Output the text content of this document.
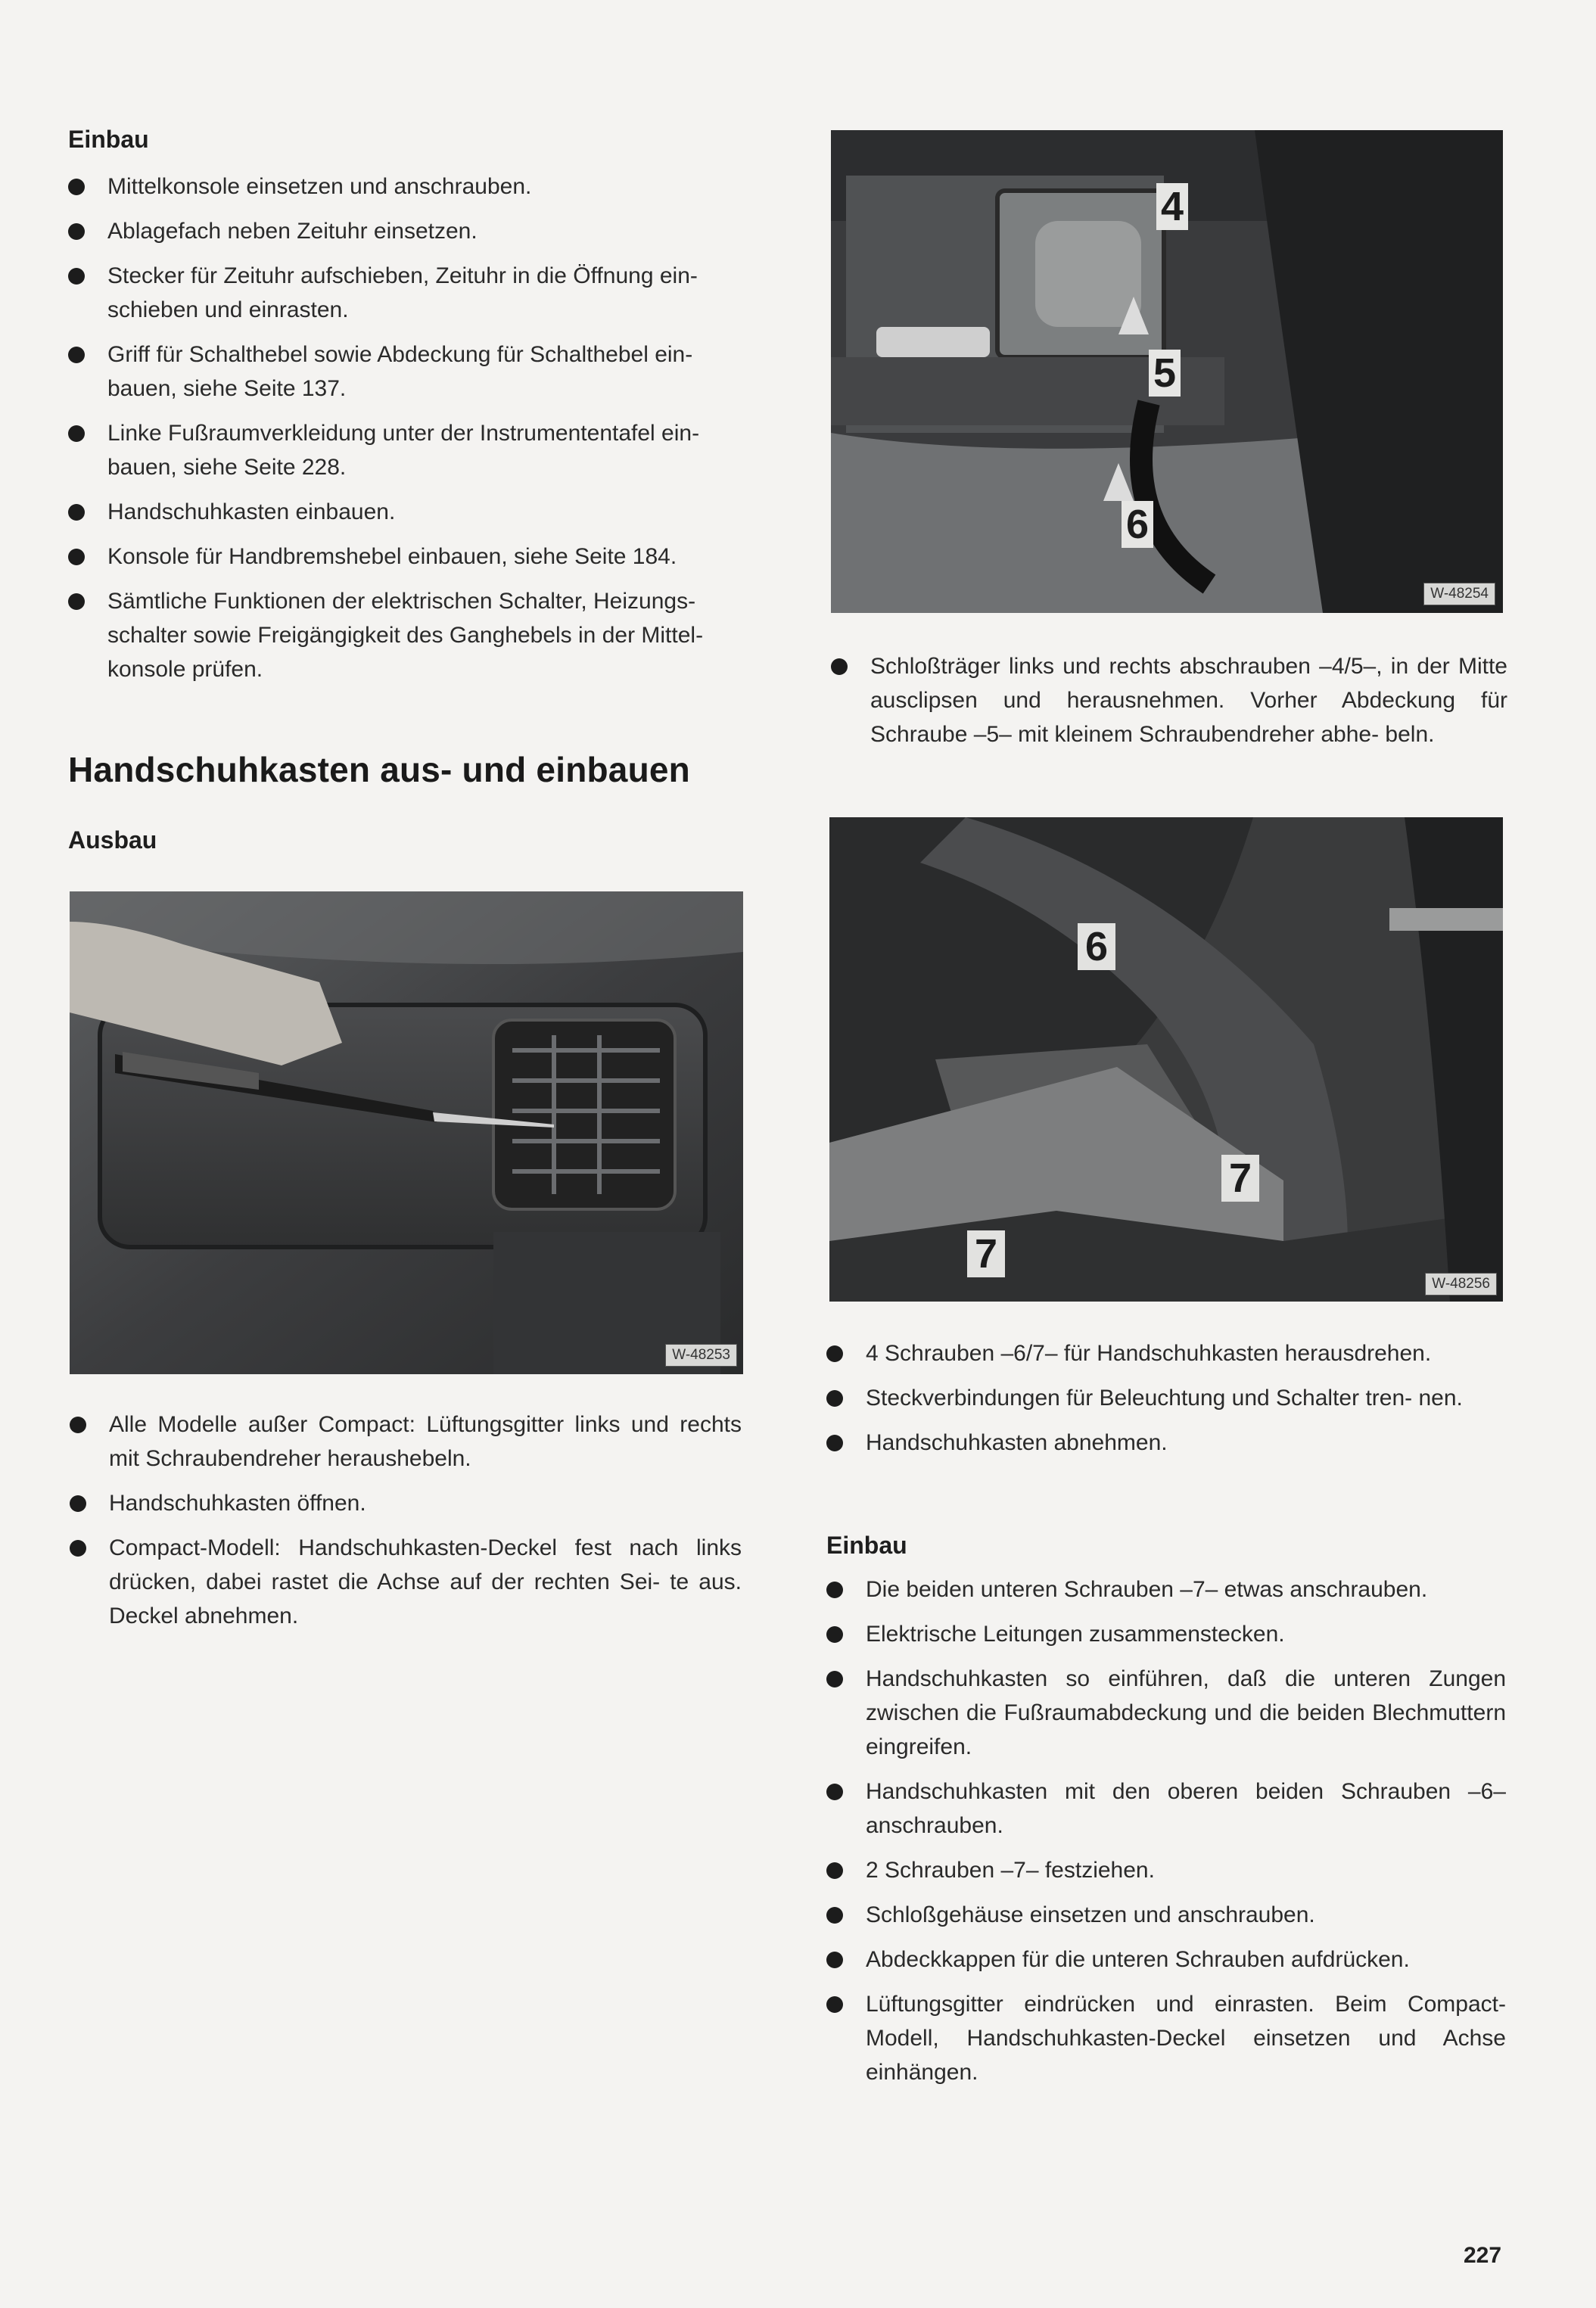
Einbau
Mittelkonsole einsetzen und anschrauben.
Ablagefach neben Zeituhr einsetzen.
Stecker für Zeituhr aufschieben, Zeituhr in die Öffnung ein- schieben und einrasten.
Griff für Schalthebel sowie Abdeckung für Schalthebel ein- bauen, siehe Seite 137.
Linke Fußraumverkleidung unter der Instrumententafel ein- bauen, siehe Seite 228.
Handschuhkasten einbauen.
Konsole für Handbremshebel einbauen, siehe Seite 184.
Sämtliche Funktionen der elektrischen Schalter, Heizungs- schalter sowie Freigängigkeit des Ganghebels in der Mittel- konsole prüfen.
Handschuhkasten aus- und einbauen
Ausbau
W-48253
Alle Modelle außer Compact: Lüftungsgitter links und rechts mit Schraubendreher heraushebeln.
Handschuhkasten öffnen.
Compact-Modell: Handschuhkasten-Deckel fest nach links drücken, dabei rastet die Achse auf der rechten Sei- te aus. Deckel abnehmen.
4
5
6
W-48254
Schloßträger links und rechts abschrauben –4/5–, in der Mitte ausclipsen und herausnehmen. Vorher Abdeckung für Schraube –5– mit kleinem Schraubendreher abhe- beln.
6
7
7
W-48256
4 Schrauben –6/7– für Handschuhkasten herausdrehen.
Steckverbindungen für Beleuchtung und Schalter tren- nen.
Handschuhkasten abnehmen.
Einbau
Die beiden unteren Schrauben –7– etwas anschrauben.
Elektrische Leitungen zusammenstecken.
Handschuhkasten so einführen, daß die unteren Zungen zwischen die Fußraumabdeckung und die beiden Blechmuttern eingreifen.
Handschuhkasten mit den oberen beiden Schrauben –6– anschrauben.
2 Schrauben –7– festziehen.
Schloßgehäuse einsetzen und anschrauben.
Abdeckkappen für die unteren Schrauben aufdrücken.
Lüftungsgitter eindrücken und einrasten. Beim Compact- Modell, Handschuhkasten-Deckel einsetzen und Achse einhängen.
227
